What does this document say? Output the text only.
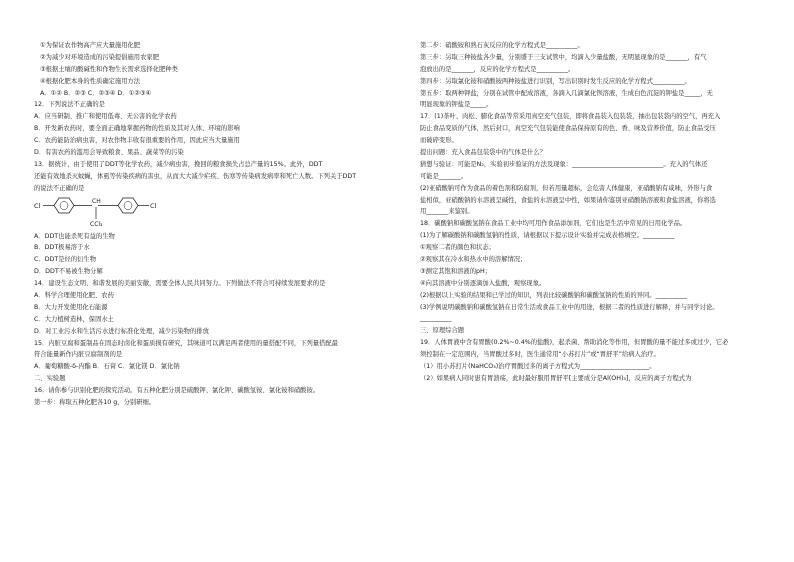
①为保证农作物高产应大量施用化肥
②为减少对环境造成的污染提倡施用农家肥
③根据土壤的酸碱性和作物生长需求选择化肥种类
④根据化肥本身的性质确定施用方法
A．①② B．②③ C．②③④ D．①②③④
12．下列说法不正确的是
A．应当研制、推广和使用低毒、无公害的化学农药
B．开发新农药时，要全面正确地掌握药物的性质及其对人体、环境的影响
C．农药能防治病虫害，对农作物丰收有很重要的作用，因此应当大量施用
D．有害农药的滥用会导致粮食、果品、蔬菜等的污染
13．据统计，由于使用了DDT等化学农药，减少病虫害，挽回的粮食损失占总产量的15%。此外，DDT
还能有效地杀灭蚊蝇，体虱等传染疾病的害虫，从而大大减少疟疾、伤寒等传染病发病率和死亡人数。下列关于DDT
的说法不正确的是
Cl
CH
CCl₃
Cl
A．DDT也能杀死有益的生物
B．DDT极易溶于水
C．DDT是烃的衍生物
D．DDT不易被生物分解
14．建设生态文明、和谐发展的美丽安徽，需要全体人民共同努力。下列做法不符合可持续发展要求的是
A．科学合理使用化肥、农药
B．大力开发使用化石能源
C．大力植树造林，保固水土
D．对工业污水和生活污水进行标准化处理，减少污染物的排放
15．内脏豆腐和蛋制品在固态时卤化和蛋质损有研究，其味道可以满足两者使用的量搭配不同，下列量搭配最
符合能量新作内脏豆腐制剂的是
A．葡萄糖酸-δ-内酯 B．石膏 C．氯化镁 D．氯化钠
二、实验题
16．请你参与识别化肥的探究活动。有五种化肥分别是硫酸钾、氯化钾、碳酸氢铵、氯化铵和硝酸铵。
第一步：称取五种化肥各10 g，分别研细。
第二步：硝酸铵和熟石灰反应的化学方程式是__________。
第三步：另取三种铵盐各少量，分别盛于三支试管中，均滴入少量盐酸，无明显现象的是_______，有气
泡放出的是_______，反应的化学方程式是__________。
第四步：另取氯化铵和硝酸铵两种铵盐进行识别，写出识别时发生反应的化学方程式__________。
第五步：取两种钾盐，分别在试管中配成溶液，各滴入几滴氯化钡溶液，生成白色沉淀的钾盐是_____，无
明显现象的钾盐是_____。
17．(1)茶叶、肉松、膨化食品等常采用真空充气包装，即将食品装入包装袋，抽出包装袋内的空气，再充入
防止食品变质的气体，然后封口，真空充气包装能使食品保持原有的色、香、味及营养价值，防止食品受压
而破碎变形。
提出问题：充入食品包装袋中的气体是什么？
猜想与验证：可能是N₂，实验初步验证的方法及现象：_____________________________。充入的气体还
可能是_______。
(2)亚硝酸钠可作为食品的着色剂和防腐剂，但若用量超标，会危害人体健康，亚硝酸钠有咸味，外形与食
盐相似，亚硝酸钠的水溶液呈碱性，食盐的水溶液呈中性，如果请你鉴别亚硝酸钠溶液和食盐溶液，你将选
用_______来鉴别。
18．碳酸钠和碳酸氢钠在食品工业中均可用作食品添加剂，它们也是生活中常见的日用化学品。
(1)为了解碳酸钠和碳酸氢钠的性质，请根据以下提示设计实验并完成表格填空。__________
①观察二者的颜色和状态；
②观察其在冷水和热水中的溶解情况；
③测定其饱和溶液的pH；
④向其溶液中分别逐滴加入盐酸，观察现象。
(2)根据以上实验的结果和已学过的知识，列表比较碳酸钠和碳酸氢钠的性质的异同。__________
(3)学例说明碳酸钠和碳酸氢钠在日常生活或食品工业中的用途，根据二者的性质进行解释，并与同学讨论。
__________
三、原理综合题
19．人体胃液中含有胃酸(0.2%~0.4%的盐酸)，起杀菌、帮助消化等作用，但胃酸的量不能过多或过少，它必
须控制在一定范围内，当胃酸过多时，医生通常用“小苏打片”或“胃舒平”给病人治疗。
（1）用小苏打片(NaHCO₃)治疗胃酸过多的离子方程式为______________________。
（2）如果病人同时患有胃溃疡，此时最好服用胃舒平[主要成分是Al(OH)₃]，反应的离子方程式为
